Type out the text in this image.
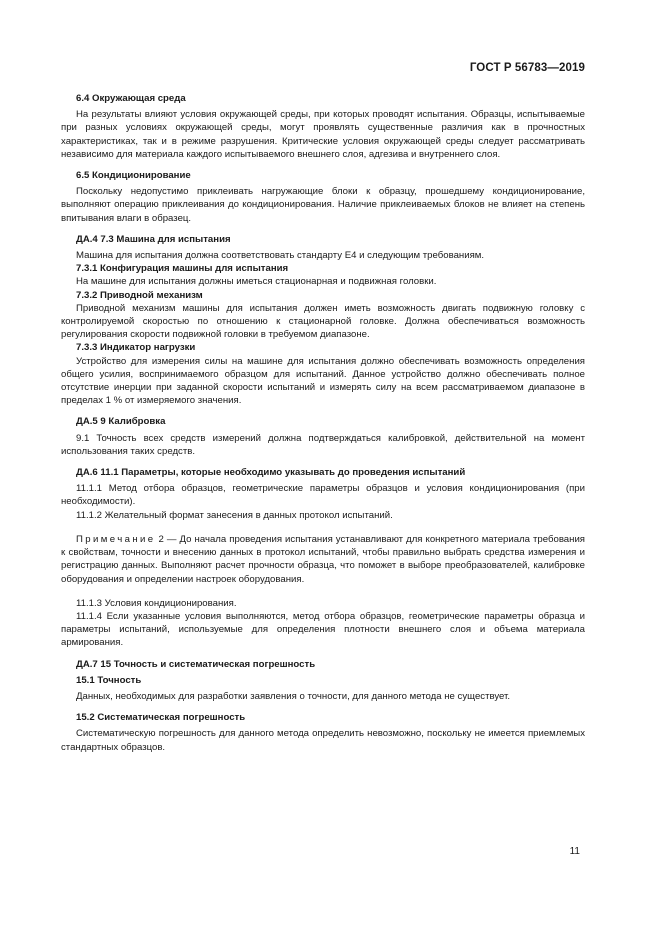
ГОСТ Р 56783—2019

6.4 Окружающая среда

На результаты влияют условия окружающей среды, при которых проводят испытания. Образцы, испытываемые при разных условиях окружающей среды, могут проявлять существенные различия как в прочностных характеристиках, так и в режиме разрушения. Критические условия окружающей среды следует рассматривать независимо для материала каждого испытываемого внешнего слоя, адгезива и внутреннего слоя.

6.5 Кондиционирование

Поскольку недопустимо приклеивать нагружающие блоки к образцу, прошедшему кондиционирование, выполняют операцию приклеивания до кондиционирования. Наличие приклеиваемых блоков не влияет на степень впитывания влаги в образец.

ДА.4 7.3 Машина для испытания

Машина для испытания должна соответствовать стандарту Е4 и следующим требованиям.

7.3.1 Конфигурация машины для испытания

На машине для испытания должны иметься стационарная и подвижная головки.

7.3.2 Приводной механизм

Приводной механизм машины для испытания должен иметь возможность двигать подвижную головку с контролируемой скоростью по отношению к стационарной головке. Должна обеспечиваться возможность регулирования скорости подвижной головки в требуемом диапазоне.

7.3.3 Индикатор нагрузки

Устройство для измерения силы на машине для испытания должно обеспечивать возможность определения общего усилия, воспринимаемого образцом для испытаний. Данное устройство должно обеспечивать полное отсутствие инерции при заданной скорости испытаний и измерять силу на всем рассматриваемом диапазоне в пределах 1 % от измеряемого значения.

ДА.5 9 Калибровка

9.1 Точность всех средств измерений должна подтверждаться калибровкой, действительной на момент использования таких средств.

ДА.6 11.1 Параметры, которые необходимо указывать до проведения испытаний

11.1.1 Метод отбора образцов, геометрические параметры образцов и условия кондиционирования (при необходимости).

11.1.2 Желательный формат занесения в данных протокол испытаний.

Примечание 2 — До начала проведения испытания устанавливают для конкретного материала требования к свойствам, точности и внесению данных в протокол испытаний, чтобы правильно выбрать средства измерения и регистрацию данных. Выполняют расчет прочности образца, что поможет в выборе преобразователей, калибровке оборудования и определении настроек оборудования.

11.1.3 Условия кондиционирования.

11.1.4 Если указанные условия выполняются, метод отбора образцов, геометрические параметры образца и параметры испытаний, используемые для определения плотности внешнего слоя и объема материала армирования.

ДА.7 15 Точность и систематическая погрешность

15.1 Точность

Данных, необходимых для разработки заявления о точности, для данного метода не существует.

15.2 Систематическая погрешность

Систематическую погрешность для данного метода определить невозможно, поскольку не имеется приемлемых стандартных образцов.

11
